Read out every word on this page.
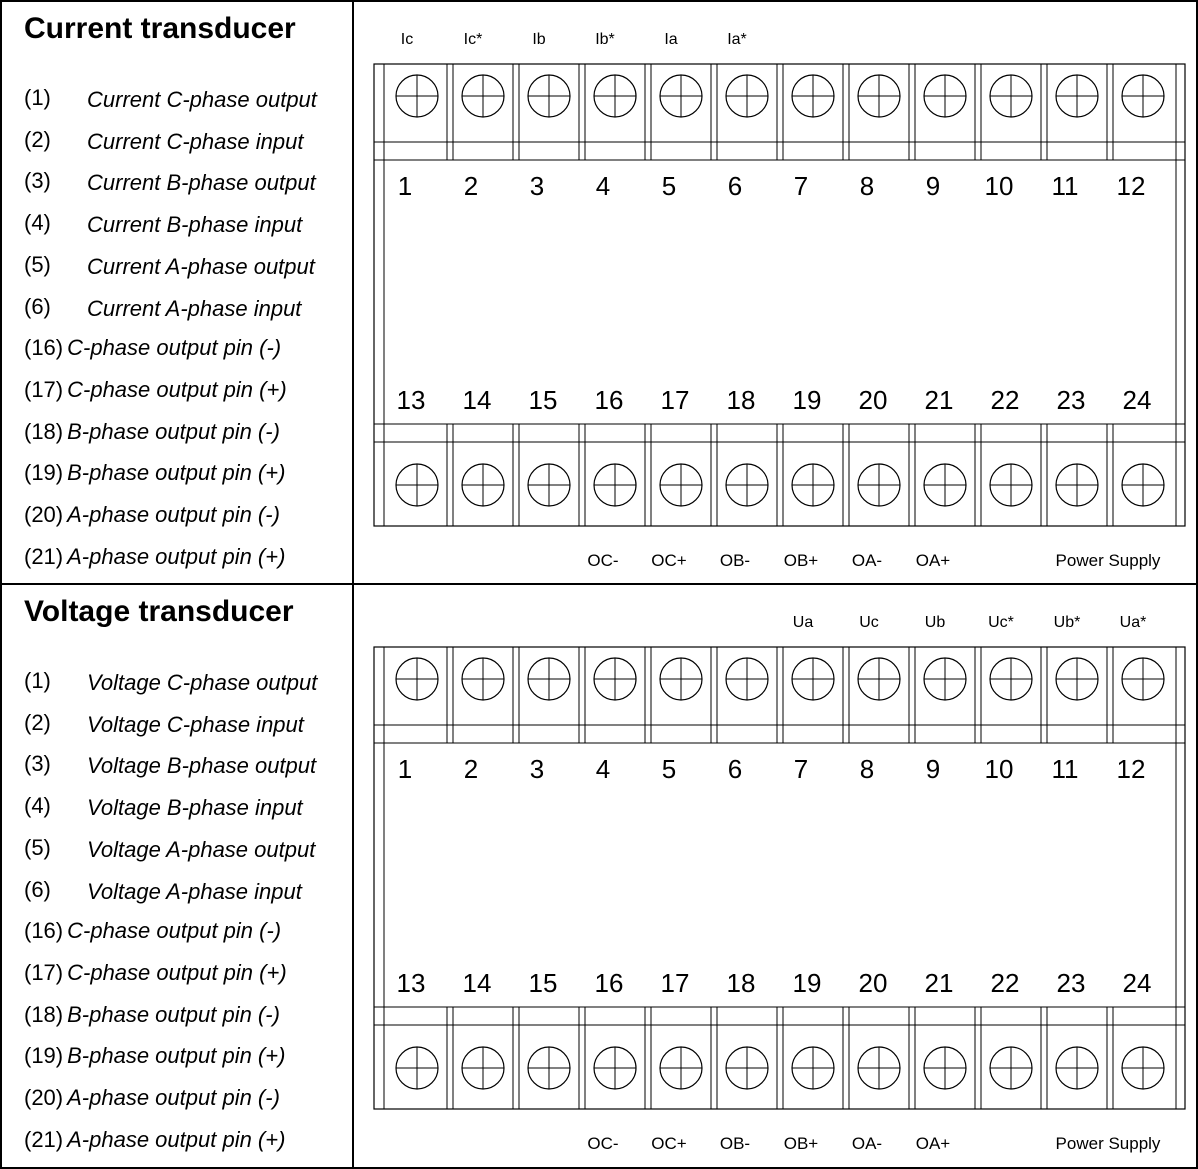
Current transducer
(1) Current C-phase output
(2) Current C-phase input
(3) Current B-phase output
(4) Current B-phase input
(5) Current A-phase output
(6) Current A-phase input
(16) C-phase output pin (-)
(17) C-phase output pin (+)
(18) B-phase output pin (-)
(19) B-phase output pin (+)
(20) A-phase output pin (-)
(21) A-phase output pin (+)
Ic
1
13
Ic*
2
14
Ib
3
15
Ib*
4
16
OC-
Ia
5
17
OC+
Ia*
6
18
OB-
7
19
OB+
8
20
OA-
9
21
OA+
10
22
11
23
12
24
Power Supply
Voltage transducer
(1) Voltage C-phase output
(2) Voltage C-phase input
(3) Voltage B-phase output
(4) Voltage B-phase input
(5) Voltage A-phase output
(6) Voltage A-phase input
(16) C-phase output pin (-)
(17) C-phase output pin (+)
(18) B-phase output pin (-)
(19) B-phase output pin (+)
(20) A-phase output pin (-)
(21) A-phase output pin (+)
1
13
2
14
3
15
4
16
OC-
5
17
OC+
6
18
OB-
Ua
7
19
OB+
Uc
8
20
OA-
Ub
9
21
OA+
Uc*
10
22
Ub*
11
23
Ua*
12
24
Power Supply
